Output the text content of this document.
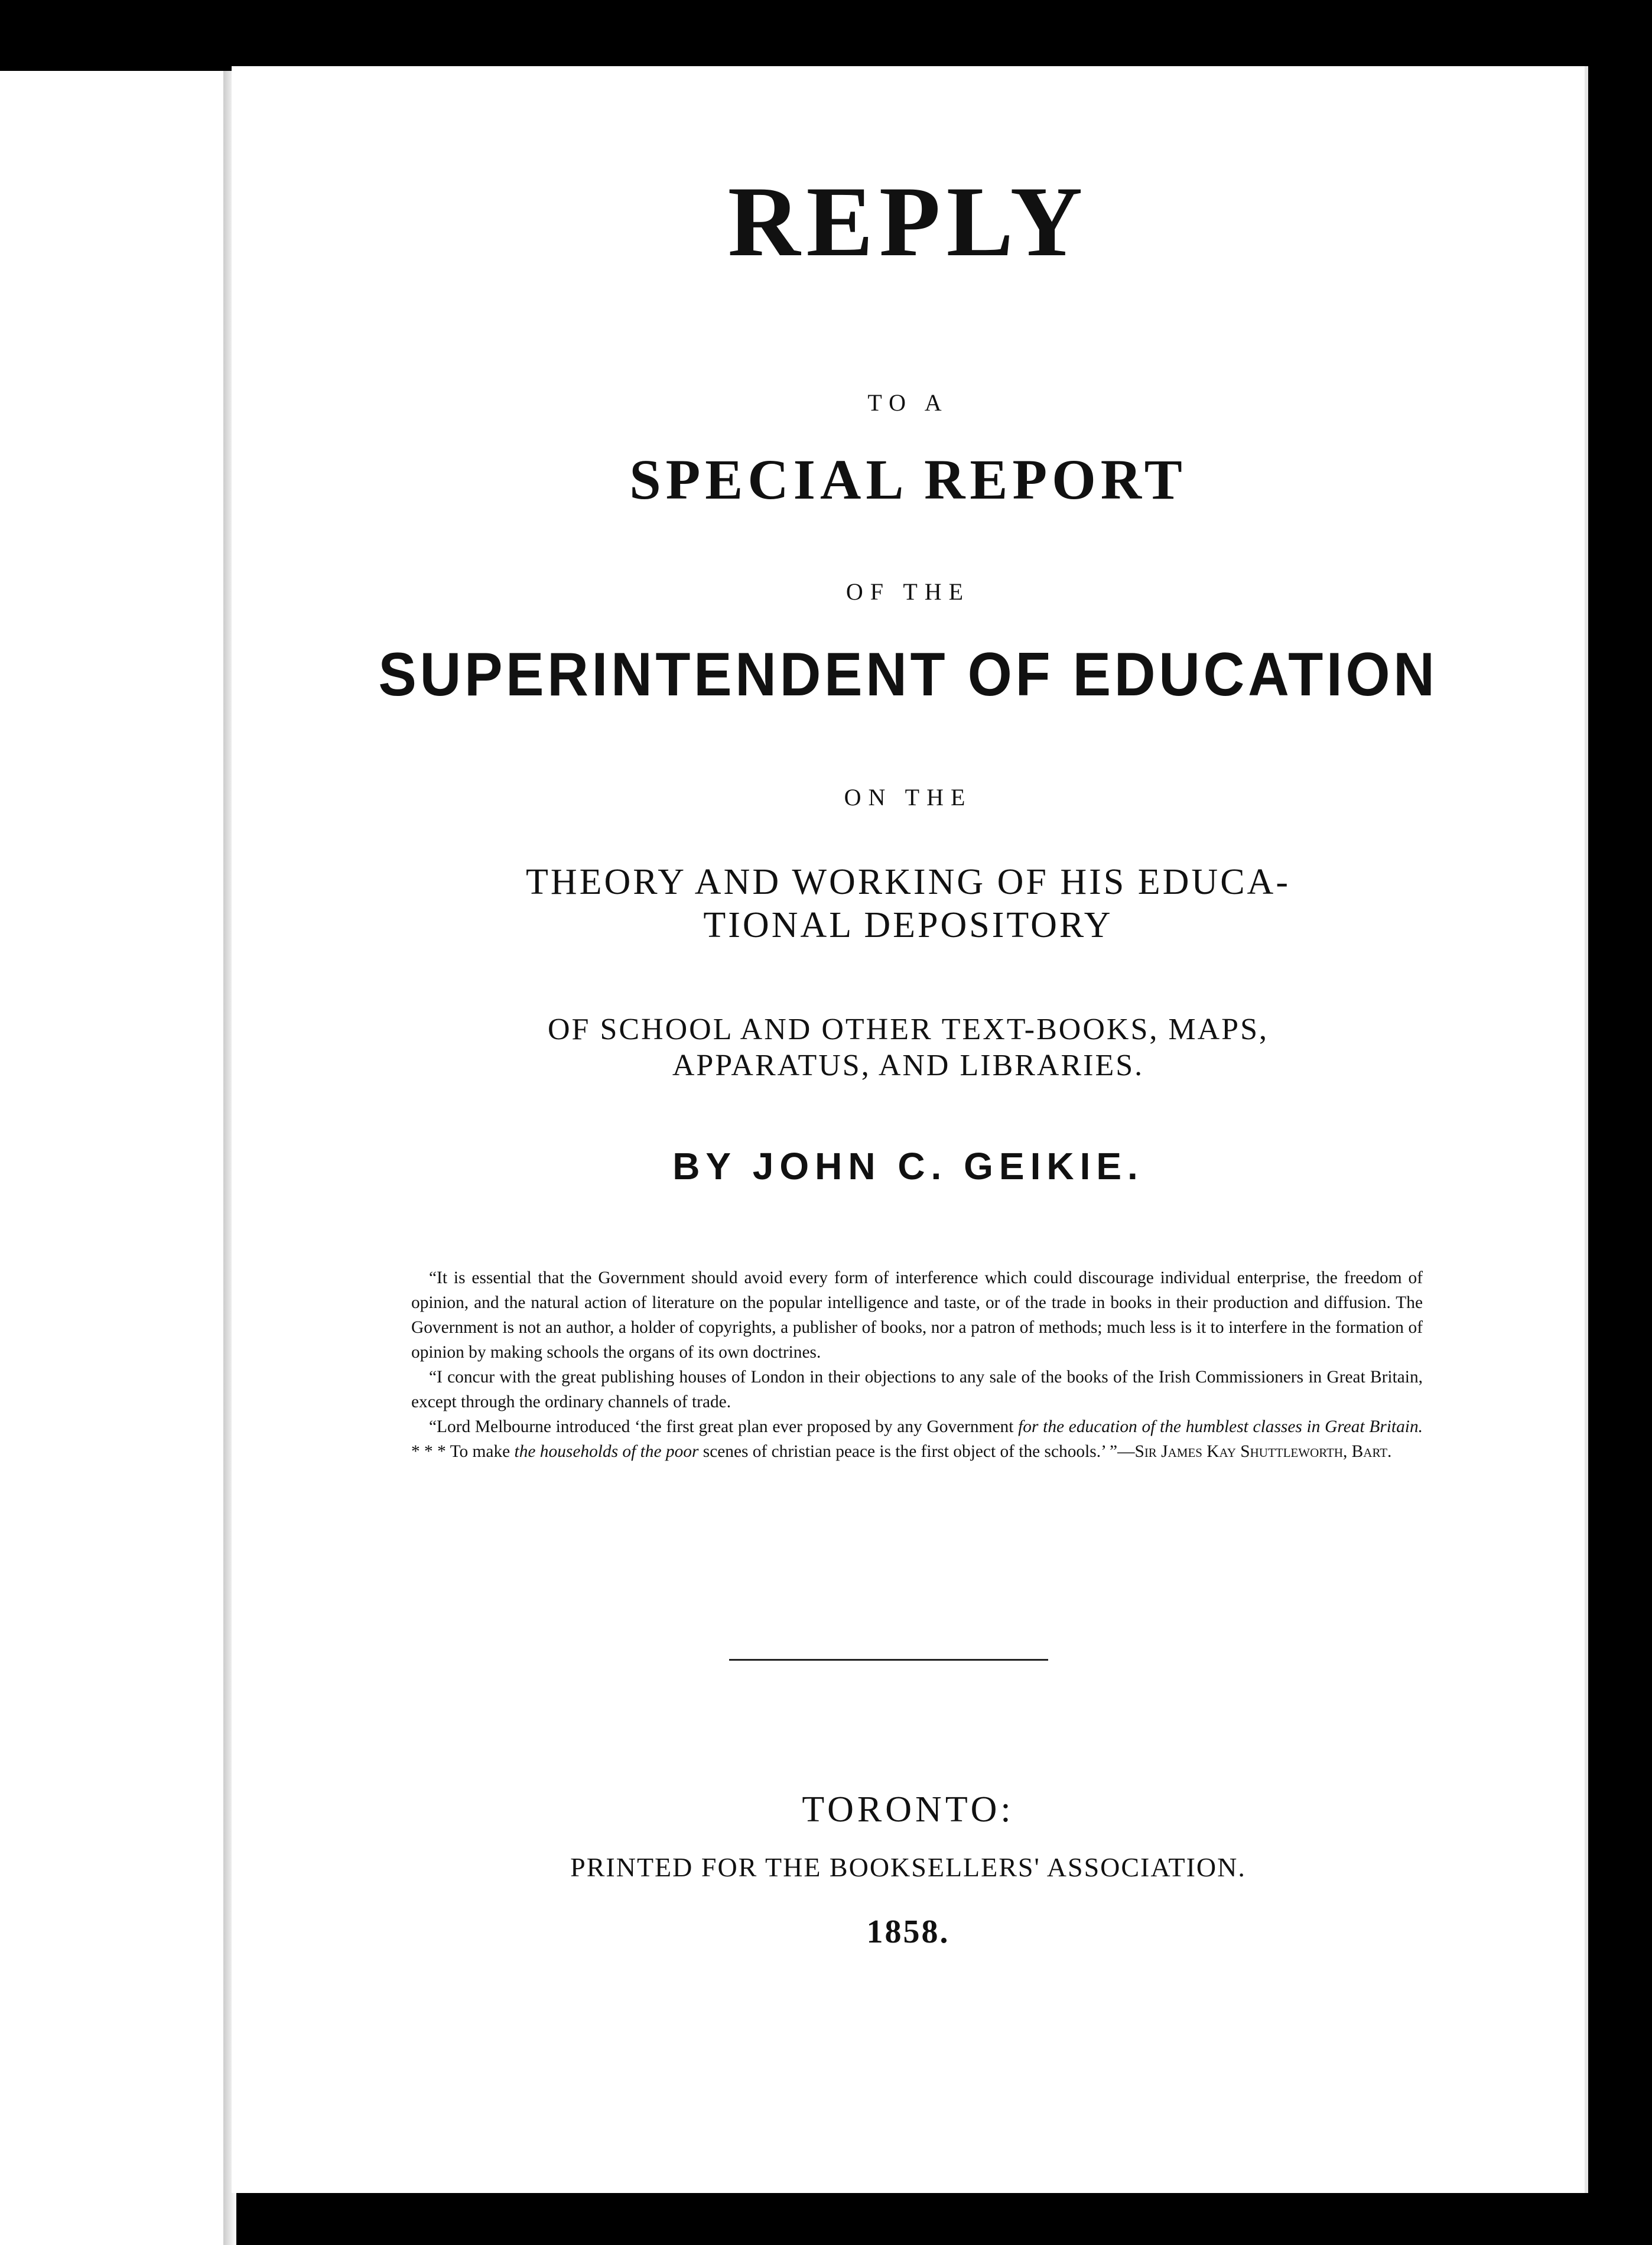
REPLY
TO A
SPECIAL REPORT
OF THE
SUPERINTENDENT OF EDUCATION
ON THE
THEORY AND WORKING OF HIS EDUCA-
TIONAL DEPOSITORY
OF SCHOOL AND OTHER TEXT-BOOKS, MAPS,
APPARATUS, AND LIBRARIES.
BY JOHN C. GEIKIE.

“It is essential that the Government should avoid every form of interference which could discourage individual enterprise, the freedom of opinion, and the natural action of literature on the popular intelligence and taste, or of the trade in books in their production and diffusion. The Government is not an author, a holder of copyrights, a publisher of books, nor a patron of methods; much less is it to interfere in the formation of opinion by making schools the organs of its own doctrines.

“I concur with the great publishing houses of London in their objections to any sale of the books of the Irish Commissioners in Great Britain, except through the ordinary channels of trade.

“Lord Melbourne introduced ‘the first great plan ever proposed by any Government for the education of the humblest classes in Great Britain. * * * To make the households of the poor scenes of christian peace is the first object of the schools.’ ”—Sir James Kay Shuttleworth, Bart.

TORONTO:
PRINTED FOR THE BOOKSELLERS' ASSOCIATION.
1858.
